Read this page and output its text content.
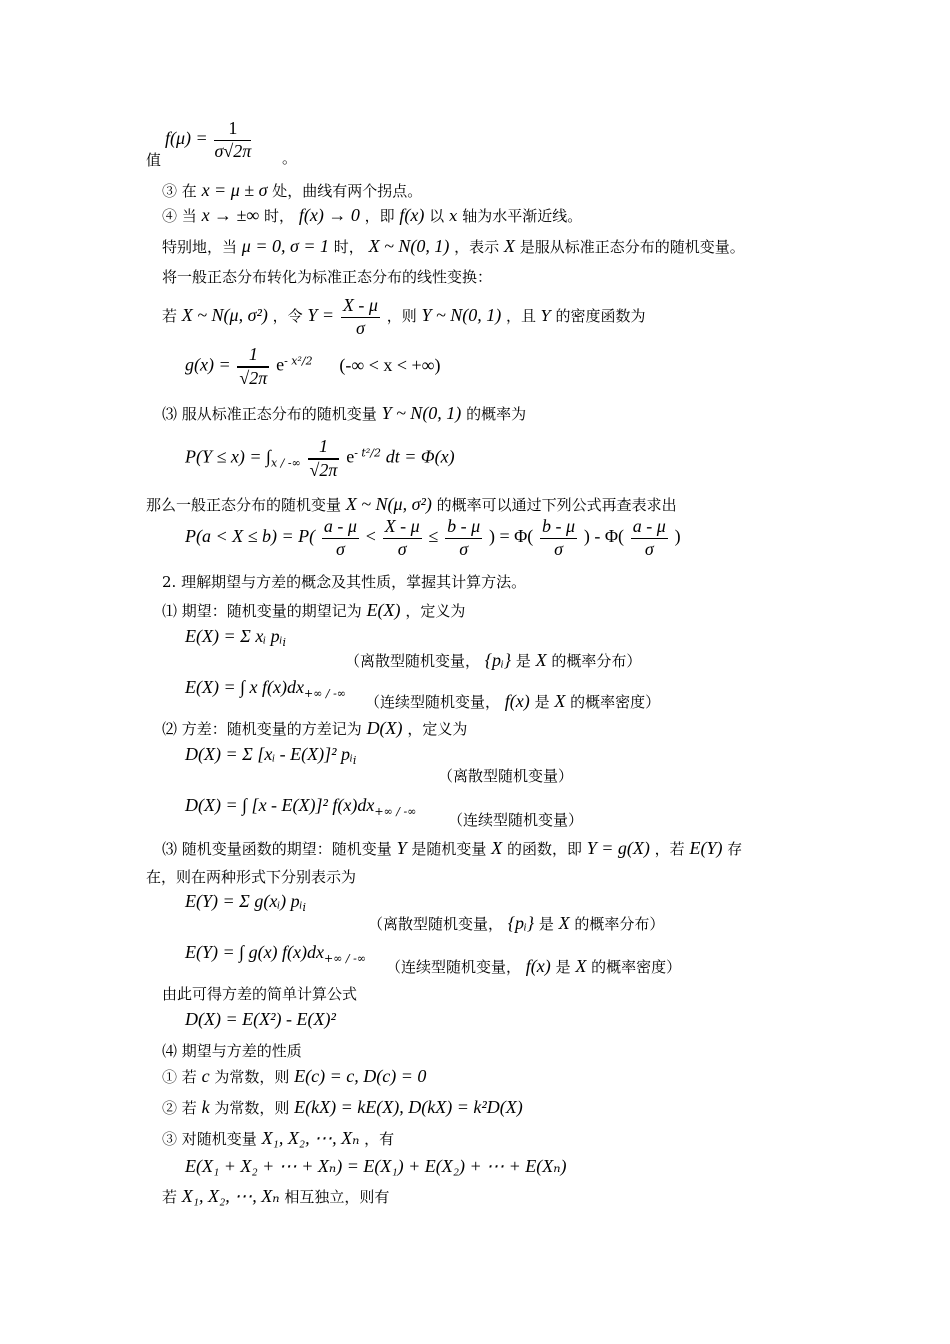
$f(\mu) = \frac{1}{\sigma√2\pi}$
值	。
③ 在 x = μ ± σ 处，曲线有两个拐点。
④ 当 x → ±∞ 时， f(x) → 0 ，即 f(x) 以 x 轴为水平渐近线。
特别地，当 μ = 0, σ = 1 时， X ~ N(0, 1) ，表示 X 是服从标准正态分布的随机变量。
将一般正态分布转化为标准正态分布的线性变换：
若 X ~ N(μ, σ²) ，令 $Y = \frac{X - \mu}{\sigma}$ ，则 Y ~ N(0, 1) ，且 Y 的密度函数为
$g(x) = \frac{1}{√2\pi} e^{- x^2/2}$ (-∞ < x < +∞)
⑶ 服从标准正态分布的随机变量 Y ~ N(0, 1) 的概率为
$P(Y \le x) = \int_{x / -\infty} \frac{1}{√2\pi} e^{- t^2/2}$ dt = Φ(x)
那么一般正态分布的随机变量 X ~ N(μ, σ²) 的概率可以通过下列公式再查表求出
$P(a < X \le b) = P( \frac{a - \mu}{\sigma} < \frac{X - \mu}{\sigma} \le \frac{b - \mu}{\sigma}$ ) = $\Phi( \frac{b - \mu}{\sigma}$ ) - $\Phi( \frac{a - \mu}{\sigma}$ )
2. 理解期望与方差的概念及其性质，掌握其计算方法。
⑴ 期望：随机变量的期望记为 E(X) ，定义为
E(X) = Σ xᵢ pᵢ$_i$
（离散型随机变量， {pᵢ} 是 X 的概率分布）
E(X) = ∫ x $f(x)dx_{+\infty / -\infty}$ （连续型随机变量， f(x) 是 X 的概率密度）
⑵ 方差：随机变量的方差记为 D(X) ，定义为
D(X) = Σ [xᵢ - E(X)]² pᵢ$_i$
（离散型随机变量）
D(X) = ∫ [x - E(X)]² $f(x)dx_{+\infty / -\infty}$ （连续型随机变量）
⑶ 随机变量函数的期望：随机变量 Y 是随机变量 X 的函数，即 Y = g(X) ，若 E(Y) 存
在，则在两种形式下分别表示为
E(Y) = Σ g(xᵢ) pᵢ$_i$
（离散型随机变量， {pᵢ} 是 X 的概率分布）
E(Y) = ∫ g(x) $f(x)dx_{+\infty / -\infty}$ （连续型随机变量， f(x) 是 X 的概率密度）
由此可得方差的简单计算公式
D(X) = E(X²) - E(X)²
⑷ 期望与方差的性质
① 若 c 为常数，则 E(c) = c, D(c) = 0
② 若 k 为常数，则 E(kX) = kE(X), D(kX) = k²D(X)
③ 对随机变量 X₁, X₂, ⋯, Xₙ ，有
E(X₁ + X₂ + ⋯ + Xₙ) = E(X₁) + E(X₂) + ⋯ + E(Xₙ)
若 X₁, X₂, ⋯, Xₙ 相互独立，则有
